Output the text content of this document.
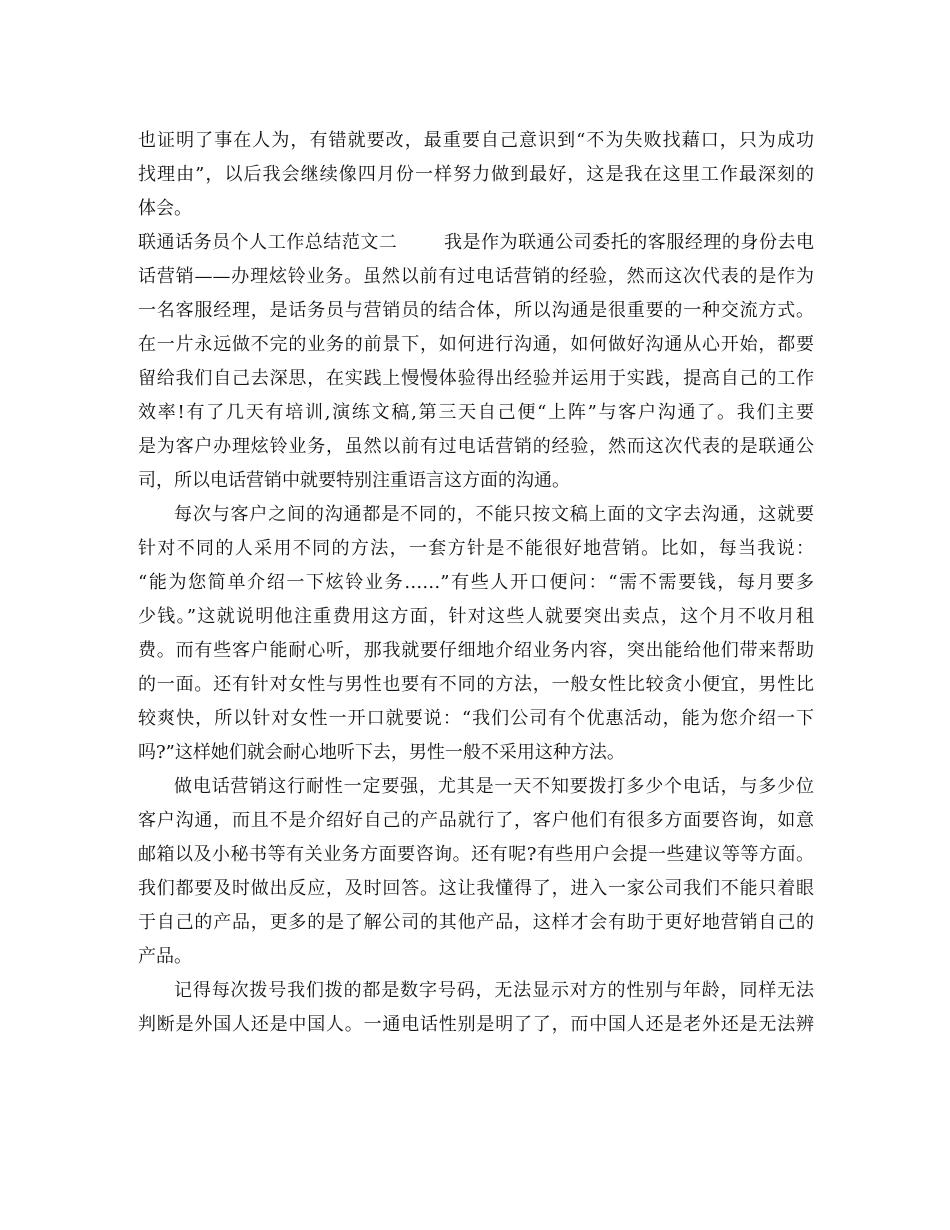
也证明了事在人为，有错就要改，最重要自己意识到“不为失败找藉口，只为成功
找理由”，以后我会继续像四月份一样努力做到最好，这是我在这里工作最深刻的
体会。
联通话务员个人工作总结范文二	我是作为联通公司委托的客服经理的身份去电
话营销——办理炫铃业务。虽然以前有过电话营销的经验，然而这次代表的是作为
一名客服经理，是话务员与营销员的结合体，所以沟通是很重要的一种交流方式。
在一片永远做不完的业务的前景下，如何进行沟通，如何做好沟通从心开始，都要
留给我们自己去深思，在实践上慢慢体验得出经验并运用于实践，提高自己的工作
效率!有了几天有培训,演练文稿,第三天自己便“上阵”与客户沟通了。我们主要
是为客户办理炫铃业务，虽然以前有过电话营销的经验，然而这次代表的是联通公
司，所以电话营销中就要特别注重语言这方面的沟通。
每次与客户之间的沟通都是不同的，不能只按文稿上面的文字去沟通，这就要
针对不同的人采用不同的方法，一套方针是不能很好地营销。比如，每当我说：
“能为您简单介绍一下炫铃业务……”有些人开口便问：“需不需要钱，每月要多
少钱。”这就说明他注重费用这方面，针对这些人就要突出卖点，这个月不收月租
费。而有些客户能耐心听，那我就要仔细地介绍业务内容，突出能给他们带来帮助
的一面。还有针对女性与男性也要有不同的方法，一般女性比较贪小便宜，男性比
较爽快，所以针对女性一开口就要说：“我们公司有个优惠活动，能为您介绍一下
吗?”这样她们就会耐心地听下去，男性一般不采用这种方法。
做电话营销这行耐性一定要强，尤其是一天不知要拨打多少个电话，与多少位
客户沟通，而且不是介绍好自己的产品就行了，客户他们有很多方面要咨询，如意
邮箱以及小秘书等有关业务方面要咨询。还有呢?有些用户会提一些建议等等方面。
我们都要及时做出反应，及时回答。这让我懂得了，进入一家公司我们不能只着眼
于自己的产品，更多的是了解公司的其他产品，这样才会有助于更好地营销自己的
产品。
记得每次拨号我们拨的都是数字号码，无法显示对方的性别与年龄，同样无法
判断是外国人还是中国人。一通电话性别是明了了，而中国人还是老外还是无法辨
